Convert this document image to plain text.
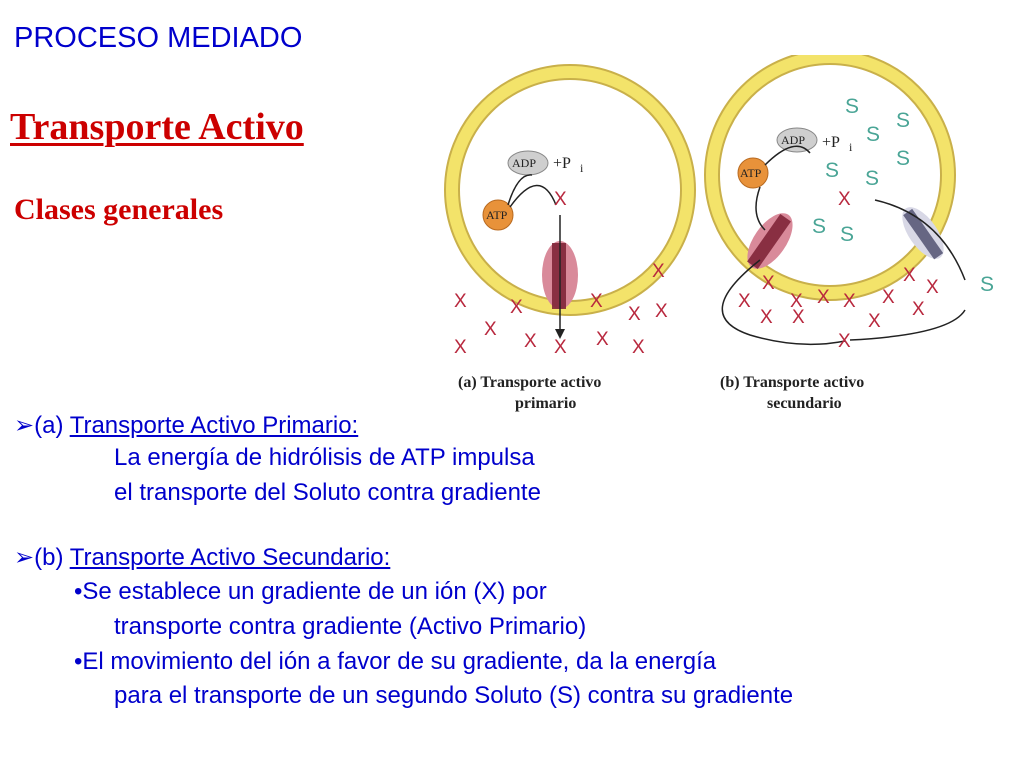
PROCESO MEDIADO
Transporte Activo
Clases generales
ADP +P i
ATP
X
X
X X	X
X
X X
X	X X X X
ADP +P i
ATP
S
S
S
S
S S
S S
S
X
X
X
X X X X X X
X X	X
X
X
(a) Transporte activo
primario
(b) Transporte activo
secundario
➢(a) Transporte Activo Primario:
La energía de hidrólisis de ATP impulsa
el transporte del Soluto contra gradiente
➢(b) Transporte Activo Secundario:
•Se establece un gradiente de un ión (X) por
transporte contra gradiente (Activo Primario)
•El movimiento del ión a favor de su gradiente, da la energía
para el transporte de un segundo Soluto (S) contra su gradiente
